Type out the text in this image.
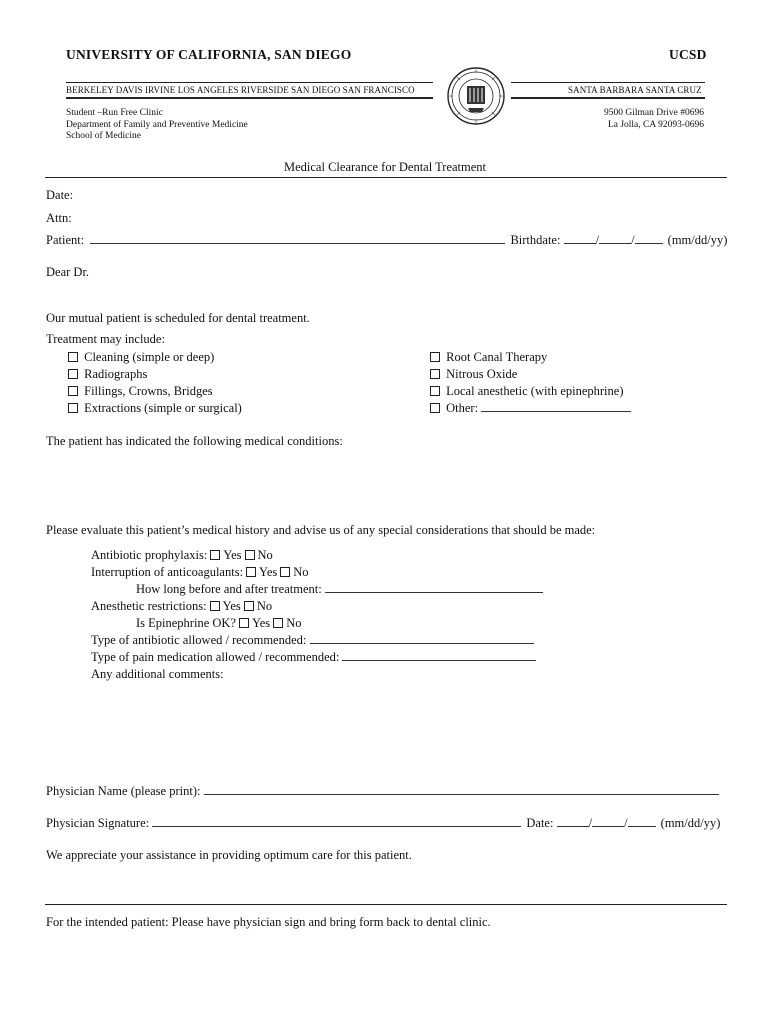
UNIVERSITY OF CALIFORNIA, SAN DIEGO	UCSD
BERKELEY DAVIS IRVINE LOS ANGELES RIVERSIDE SAN DIEGO SAN FRANCISCO	SANTA BARBARA SANTA CRUZ
Student –Run Free Clinic
Department of Family and Preventive Medicine
School of Medicine
9500 Gilman Drive #0696
La Jolla, CA 92093-0696
Medical Clearance for Dental Treatment
Date:
Attn:
Patient:	Birthdate:	/	/	(mm/dd/yy)
Dear Dr.
Our mutual patient is scheduled for dental treatment.
Treatment may include:
Cleaning (simple or deep)
Radiographs
Fillings, Crowns, Bridges
Extractions (simple or surgical)
Root Canal Therapy
Nitrous Oxide
Local anesthetic (with epinephrine)
Other:
The patient has indicated the following medical conditions:
Please evaluate this patient’s medical history and advise us of any special considerations that should be made:
Antibiotic prophylaxis: Yes No
Interruption of anticoagulants: Yes No
How long before and after treatment:
Anesthetic restrictions: Yes No
Is Epinephrine OK? Yes No
Type of antibiotic allowed / recommended:
Type of pain medication allowed / recommended:
Any additional comments:
Physician Name (please print):
Physician Signature:	Date:	/	/	(mm/dd/yy)
We appreciate your assistance in providing optimum care for this patient.
For the intended patient: Please have physician sign and bring form back to dental clinic.
